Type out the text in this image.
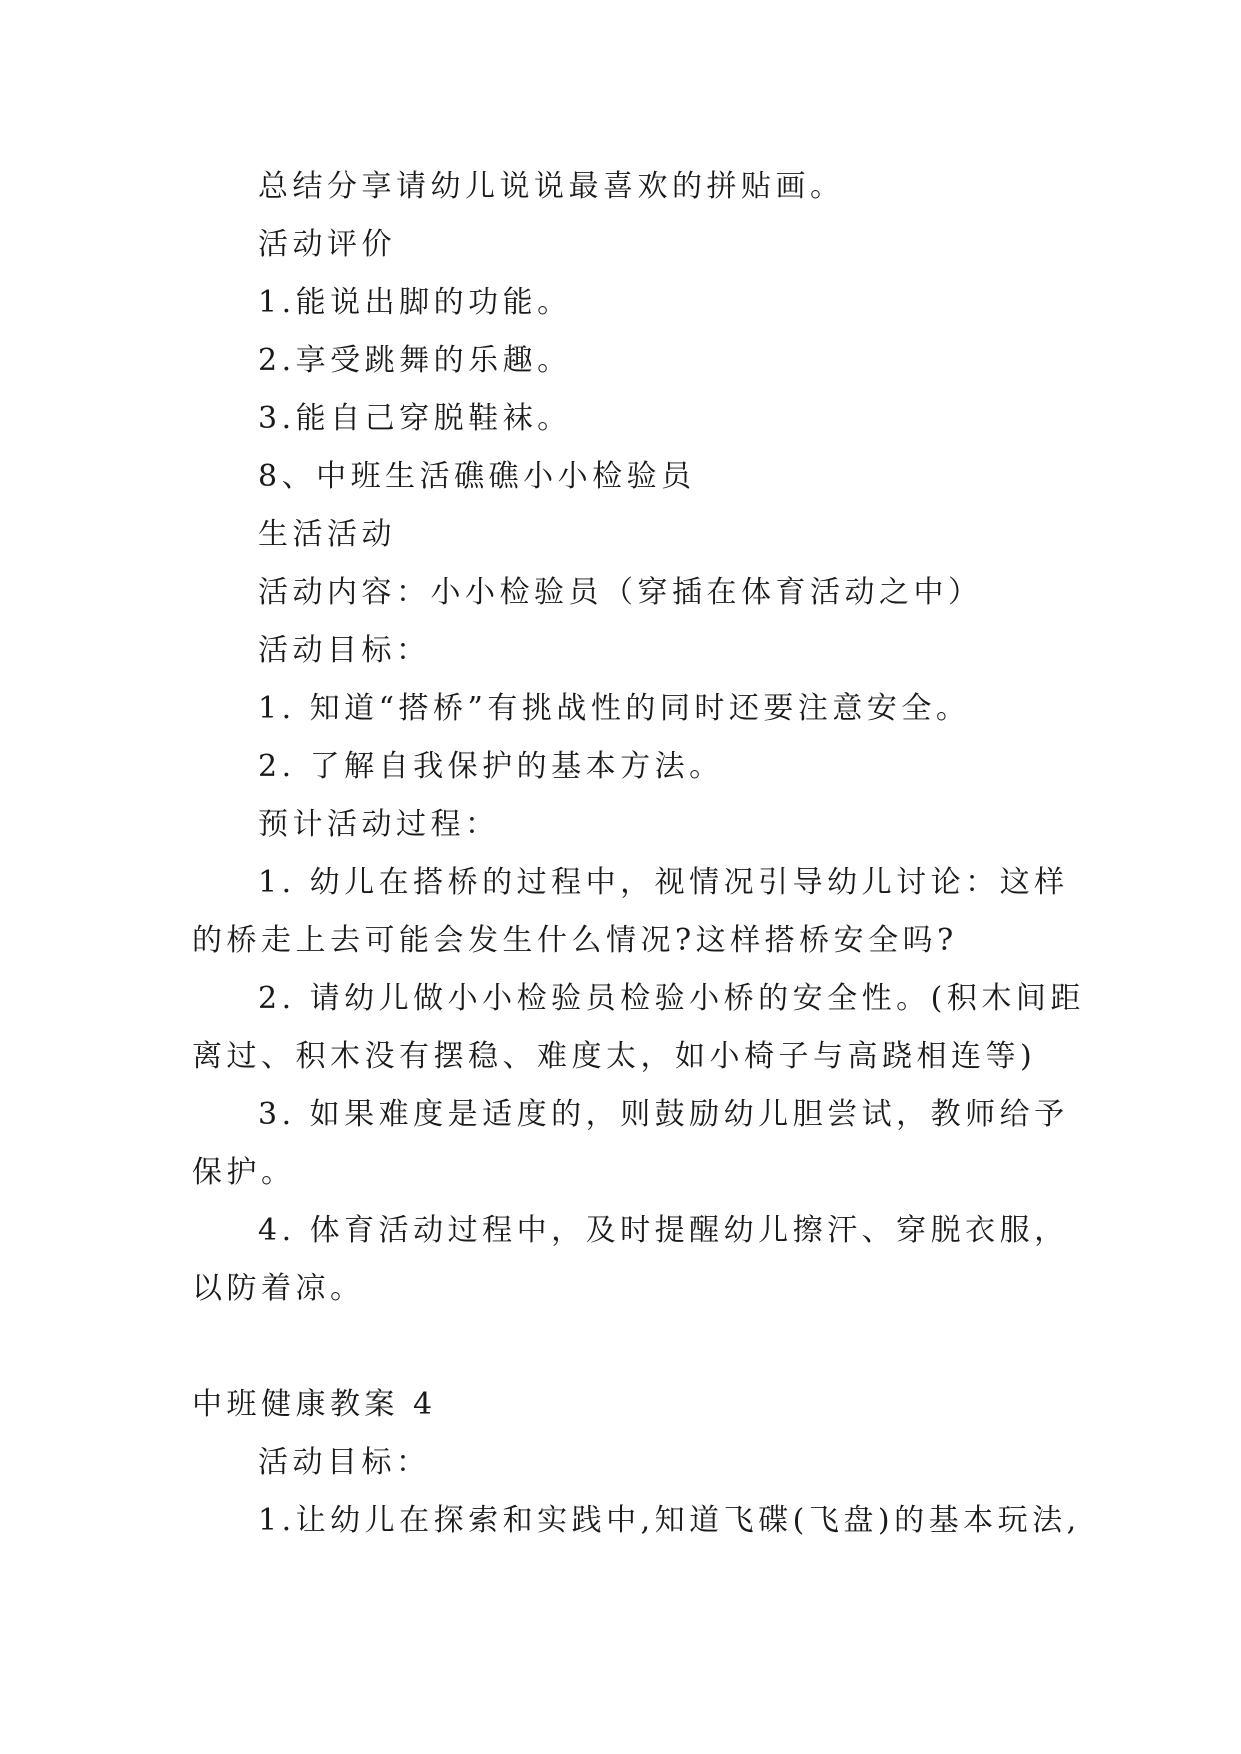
总结分享请幼儿说说最喜欢的拼贴画。
活动评价
1.能说出脚的功能。
2.享受跳舞的乐趣。
3.能自己穿脱鞋袜。
8、中班生活礁礁小小检验员
生活活动
活动内容：小小检验员（穿插在体育活动之中）
活动目标：
1. 知道“搭桥”有挑战性的同时还要注意安全。
2. 了解自我保护的基本方法。
预计活动过程：
1. 幼儿在搭桥的过程中，视情况引导幼儿讨论：这样
的桥走上去可能会发生什么情况?这样搭桥安全吗?
2. 请幼儿做小小检验员检验小桥的安全性。(积木间距
离过、积木没有摆稳、难度太，如小椅子与高跷相连等)
3. 如果难度是适度的，则鼓励幼儿胆尝试，教师给予
保护。
4. 体育活动过程中，及时提醒幼儿擦汗、穿脱衣服，
以防着凉。
中班健康教案 4
活动目标：
1.让幼儿在探索和实践中,知道飞碟(飞盘)的基本玩法,
